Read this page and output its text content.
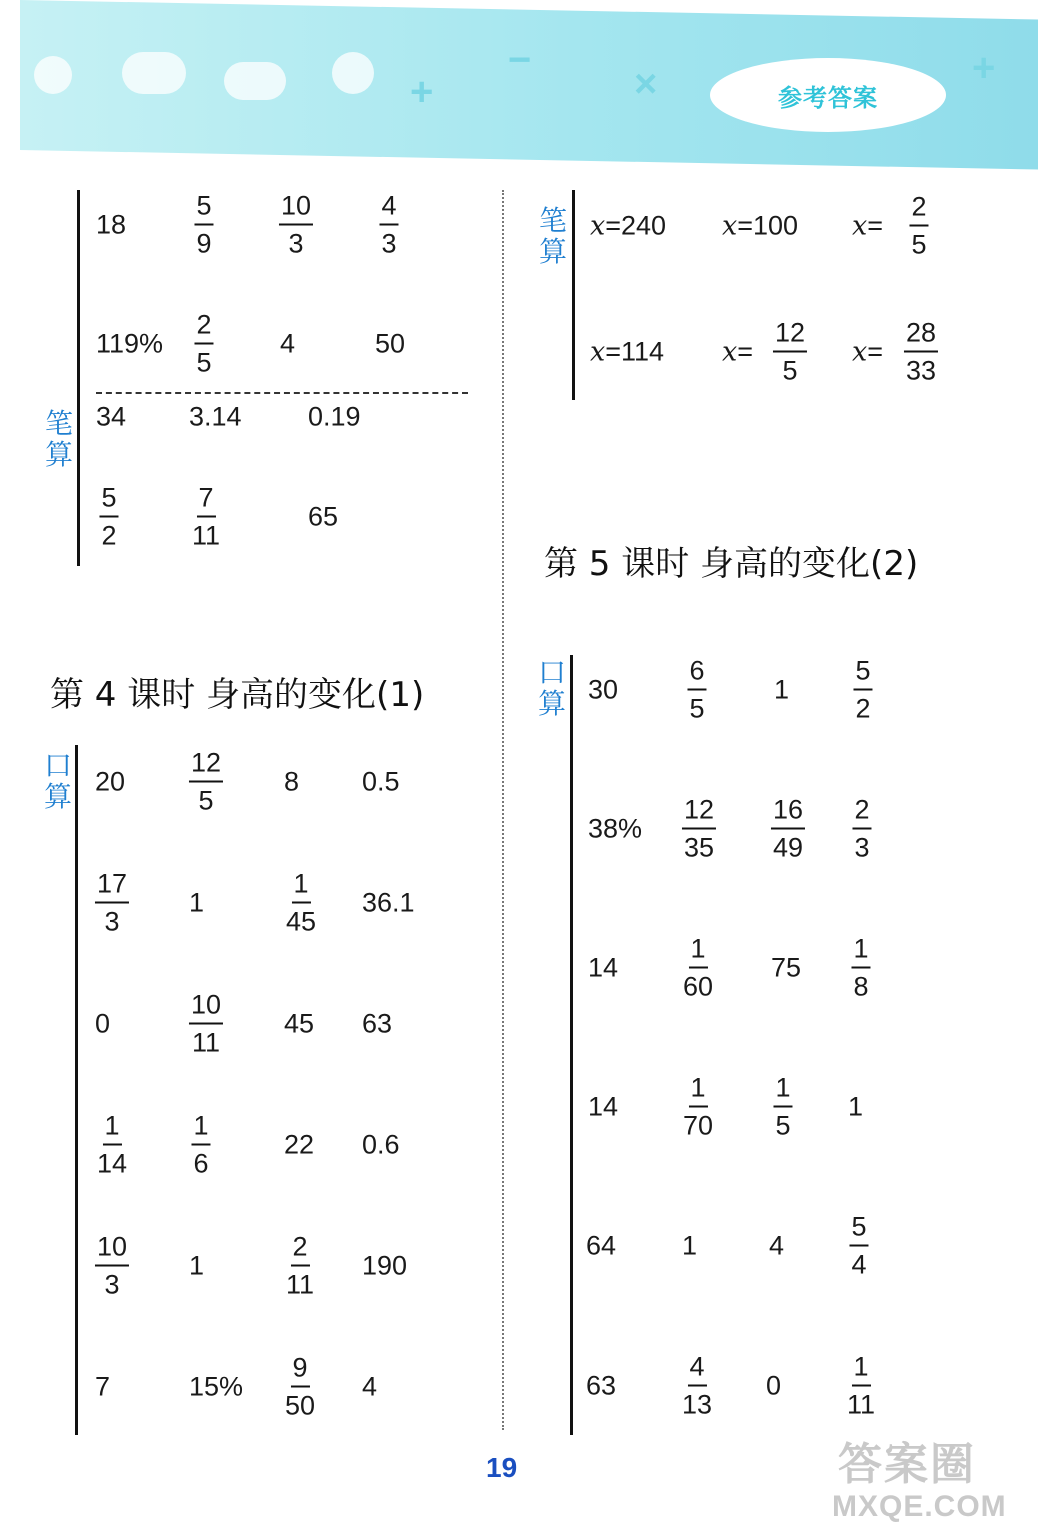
+
−
×	+
参考答案
笔
算
18	$\frac{5}{9} \frac{10}{3} \frac{4}{3}$
$119\% \frac{2}{5} 4$	50
34 3.14 0.19
$\frac{5}{2}$	$\frac{7}{11}$	65
第 4 课时 身高的变化(1)
口
算 $20 \frac{12}{5} 8$ 0.5
$\frac{17}{3} 1$	$\frac{1}{45} 36.1$
0	$\frac{10}{11} 45$ 63
$\frac{1}{14} \frac{1}{6}$	22 0.6
$\frac{10}{3} 1$	$\frac{2}{11} 190$
7	$15\% \frac{9}{50} 4$
笔
算
x=240 x=100 $x= \frac{2}{5}$
x=114 $x= \frac{12}{5} x= \frac{28}{33}$
第 5 课时 身高的变化(2)
口
算 30	$\frac{6}{5} 1 \frac{5}{2}$
$38\% \frac{12}{35} \frac{16}{49} \frac{2}{3}$
$14 \frac{1}{60} 75 \frac{1}{8}$
$14 \frac{1}{70} \frac{1}{5} 1$
64 1	$4 \frac{5}{4}$
$63 \frac{4}{13} 0 \frac{1}{11}$
19	答案圈
MXQE.COM
